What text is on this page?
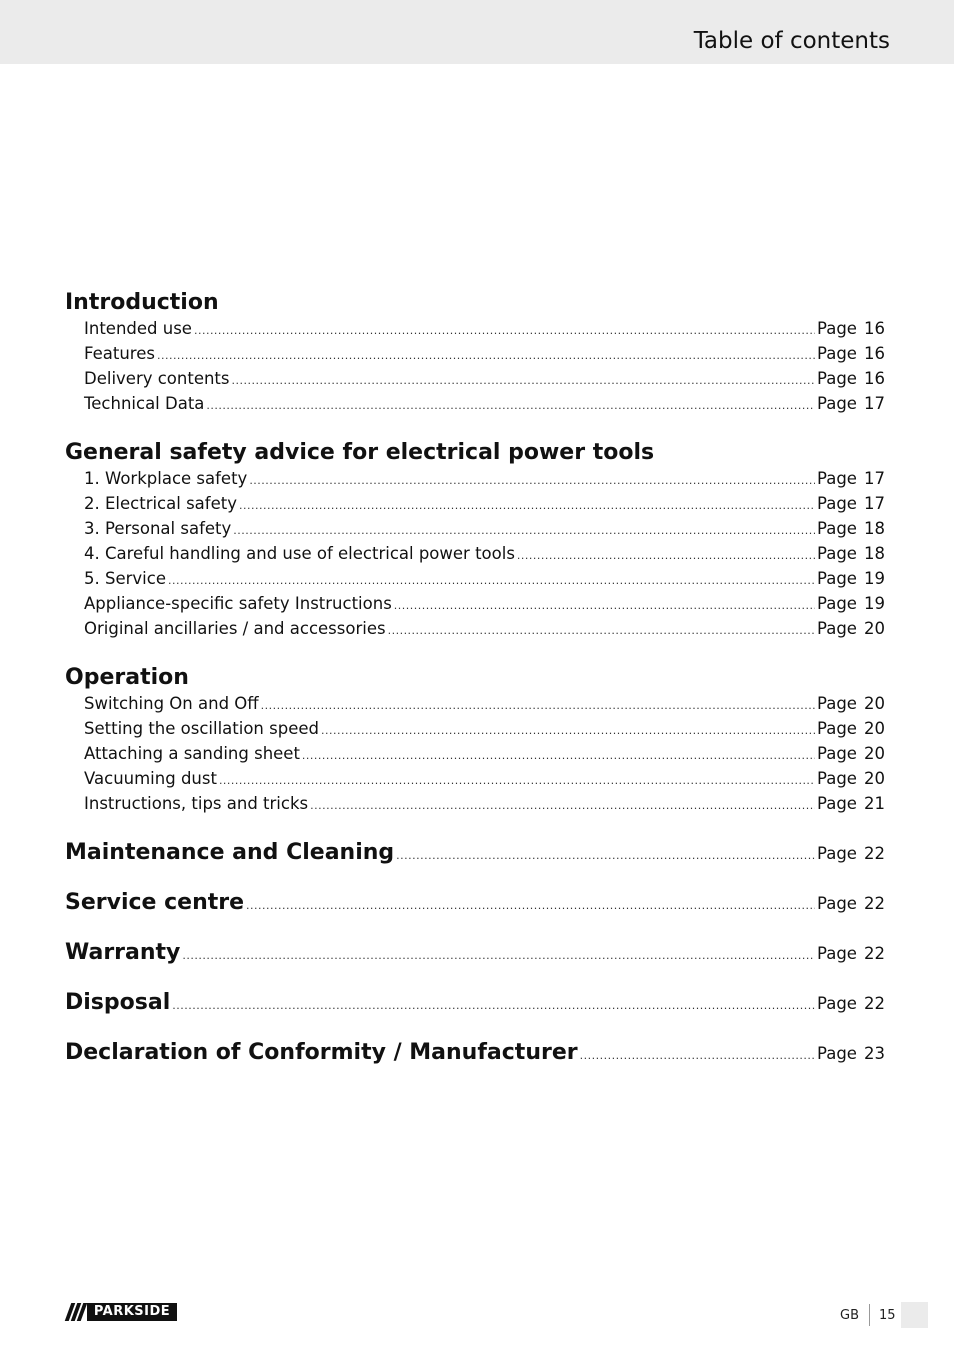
Table of contents
Introduction
Intended use .....	Page 16
Features .....	Page 16
Delivery contents .....	Page 16
Technical Data .....	Page 17
General safety advice for electrical power tools
1. Workplace safety .....	Page 17
2. Electrical safety .....	Page 17
3. Personal safety .....	Page 18
4. Careful handling and use of electrical power tools .....	Page 18
5. Service .....	Page 19
Appliance-specific safety Instructions .....	Page 19
Original ancillaries / and accessories .....	Page 20
Operation
Switching On and Off .....	Page 20
Setting the oscillation speed .....	Page 20
Attaching a sanding sheet .....	Page 20
Vacuuming dust .....	Page 20
Instructions, tips and tricks .....	Page 21
Maintenance and Cleaning .....	Page 22
Service centre .....	Page 22
Warranty .....	Page 22
Disposal .....	Page 22
Declaration of Conformity / Manufacturer .....	Page 23
PARKSIDE	GB 15
